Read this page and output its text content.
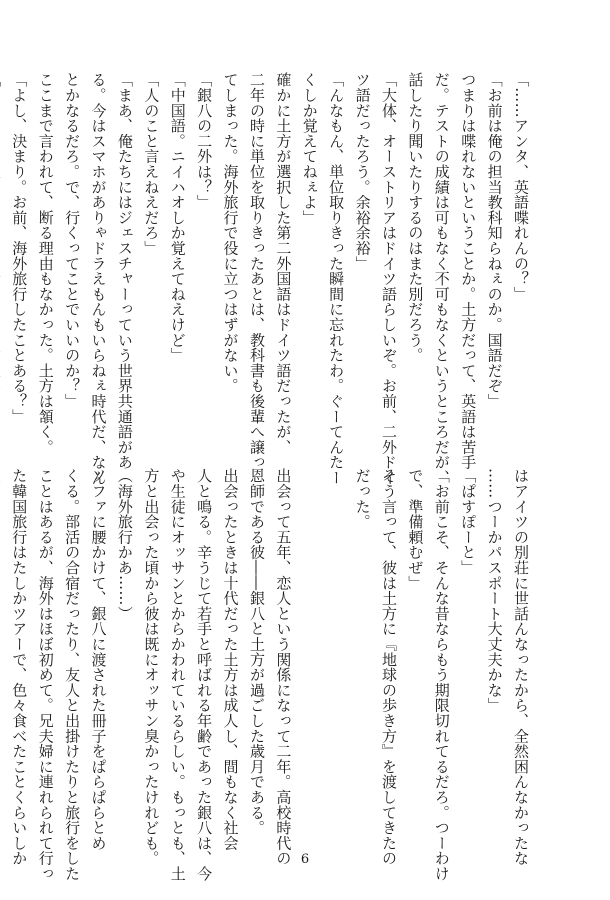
「……アンタ、英語喋れんの？」
「お前は俺の担当教科知らねぇのか。国語だぞ」
つまりは喋れないということか。土方だって、英語は苦手
だ。テストの成績は可もなく不可もなくというところだが、
話したり聞いたりするのはまた別だろう。
「大体、オーストリアはドイツ語らしいぞ。お前、二外ドイ
ツ語だったろう。余裕余裕」
「んなもん、単位取りきった瞬間に忘れたわ。ぐーてんたー
くしか覚えてねぇよ」
確かに土方が選択した第二外国語はドイツ語だったが、
二年の時に単位を取りきったあとは、教科書も後輩へ譲っ
てしまった。海外旅行で役に立つはずがない。
「銀八の二外は？」
「中国語。ニイハオしか覚えてねえけど」
「人のこと言えねえだろ」
「まあ、俺たちにはジェスチャーっていう世界共通語があ
る。今はスマホがありゃドラえもんもいらねぇ時代だ、なん
とかなるだろ。で、行くってことでいいのか？」
ここまで言われて、断る理由もなかった。土方は頷く。
「よし、決まり。お前、海外旅行したことある？」
はアイツの別荘に世話んなったから、全然困んなかったな
……つーかパスポート大丈夫かな」
「ぱすぽーと」
「お前こそ、そんな昔ならもう期限切れてるだろ。つーわけ
で、準備頼むぜ」
そう言って、彼は土方に『地球の歩き方』を渡してきたの
だった。

出会って五年、恋人という関係になって二年。高校時代の
恩師である彼――銀八と土方が過ごした歳月である。
出会ったときは十代だった土方は成人し、間もなく社会
人と鳴る。辛うじて若手と呼ばれる年齢であった銀八は、今
や生徒にオッサンとからかわれているらしい。もっとも、土
方と出会った頃から彼は既にオッサン臭かったけれども。
（海外旅行かあ……）
ソファに腰かけて、銀八に渡された冊子をぱらぱらとめ
くる。部活の合宿だったり、友人と出掛けたりと旅行をした
ことはあるが、海外はほぼ初めて。兄夫婦に連れられて行っ
た韓国旅行はたしかツアーで、色々食べたことくらいしか	6
